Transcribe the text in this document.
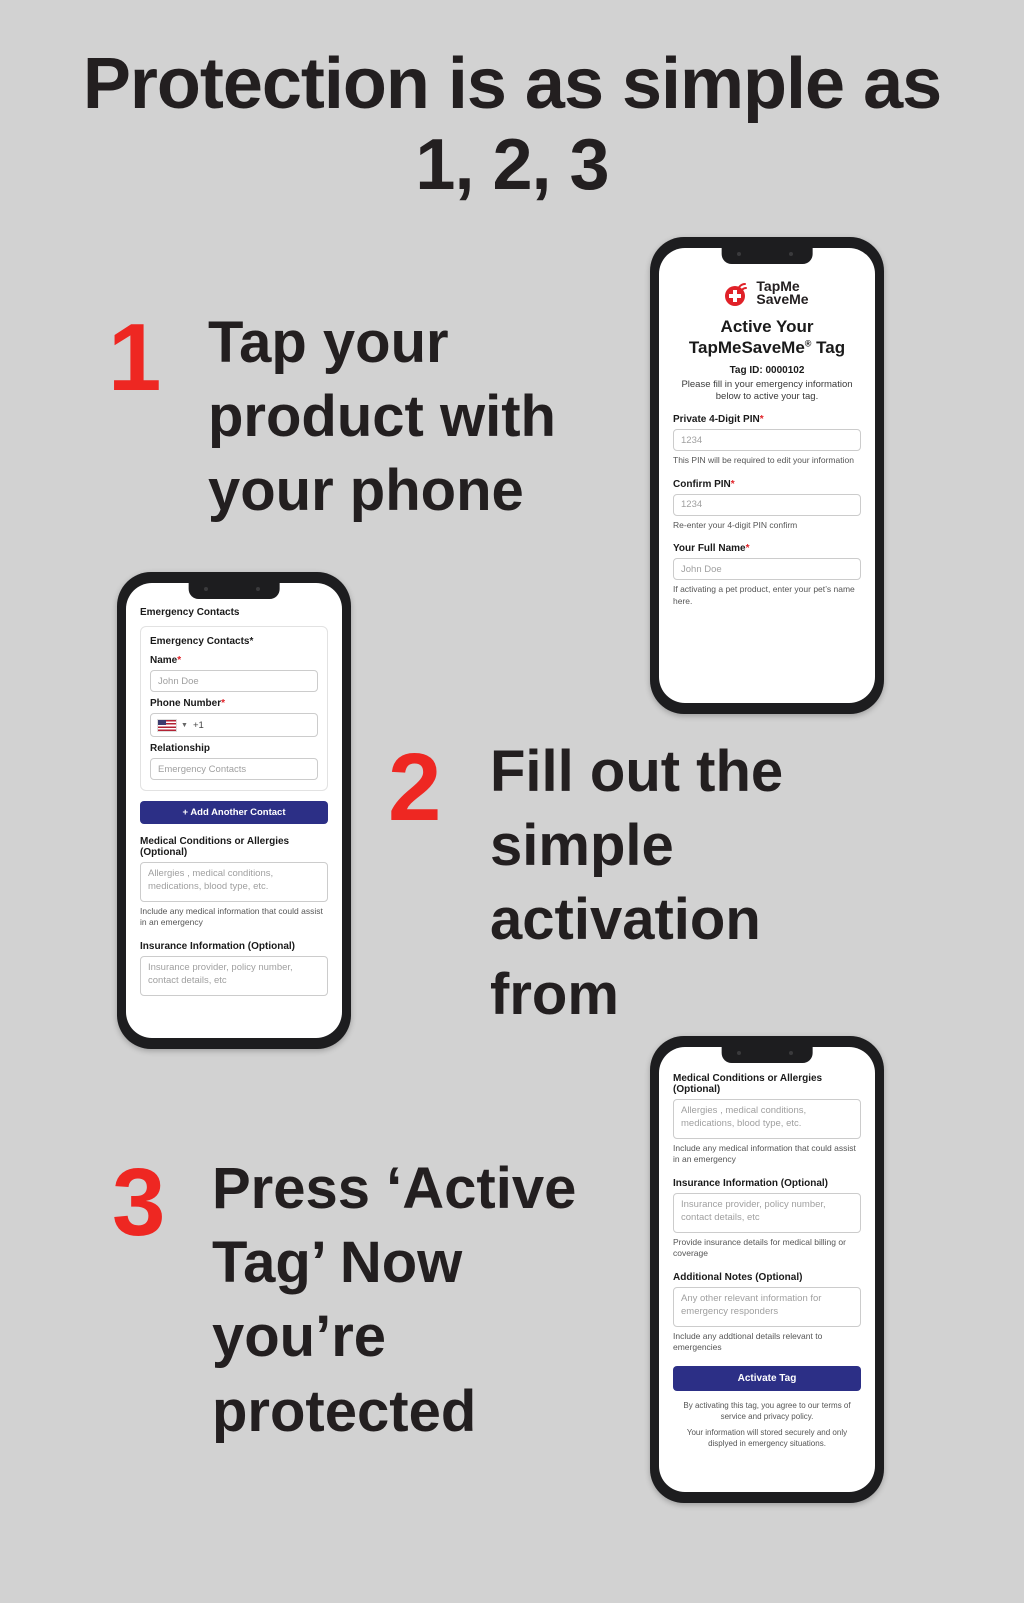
Protection is as simple as
1, 2, 3
1 Tap your product with your phone
2 Fill out the simple activation from
3 Press ‘Active Tag’ Now you’re protected
TapMe
SaveMe
Active Your
TapMeSaveMe® Tag
Tag ID: 0000102
Please fill in your emergency information below to active your tag.
Private 4-Digit PIN*
1234
This PIN will be required to edit your information
Confirm PIN*
1234
Re-enter your 4-digit PIN confirm
Your Full Name*
John Doe
If activating a pet product, enter your pet’s name here.
Emergency Contacts
Emergency Contacts*
Name*
John Doe
Phone Number*
▼ +1
Relationship
Emergency Contacts
+ Add Another Contact
Medical Conditions or Allergies (Optional)
Allergies , medical conditions, medications, blood type, etc.
Include any medical information that could assist in an emergency
Insurance Information (Optional)
Insurance provider, policy number, contact details, etc
Medical Conditions or Allergies (Optional)
Allergies , medical conditions, medications, blood type, etc.
Include any medical information that could assist in an emergency
Insurance Information (Optional)
Insurance provider, policy number, contact details, etc
Provide insurance details for medical billing or coverage
Additional Notes (Optional)
Any other relevant information for emergency responders
Include any addtional details relevant to emergencies
Activate Tag
By activating this tag, you agree to our terms of service and privacy policy.
Your information will stored securely and only displyed in emergency situations.
